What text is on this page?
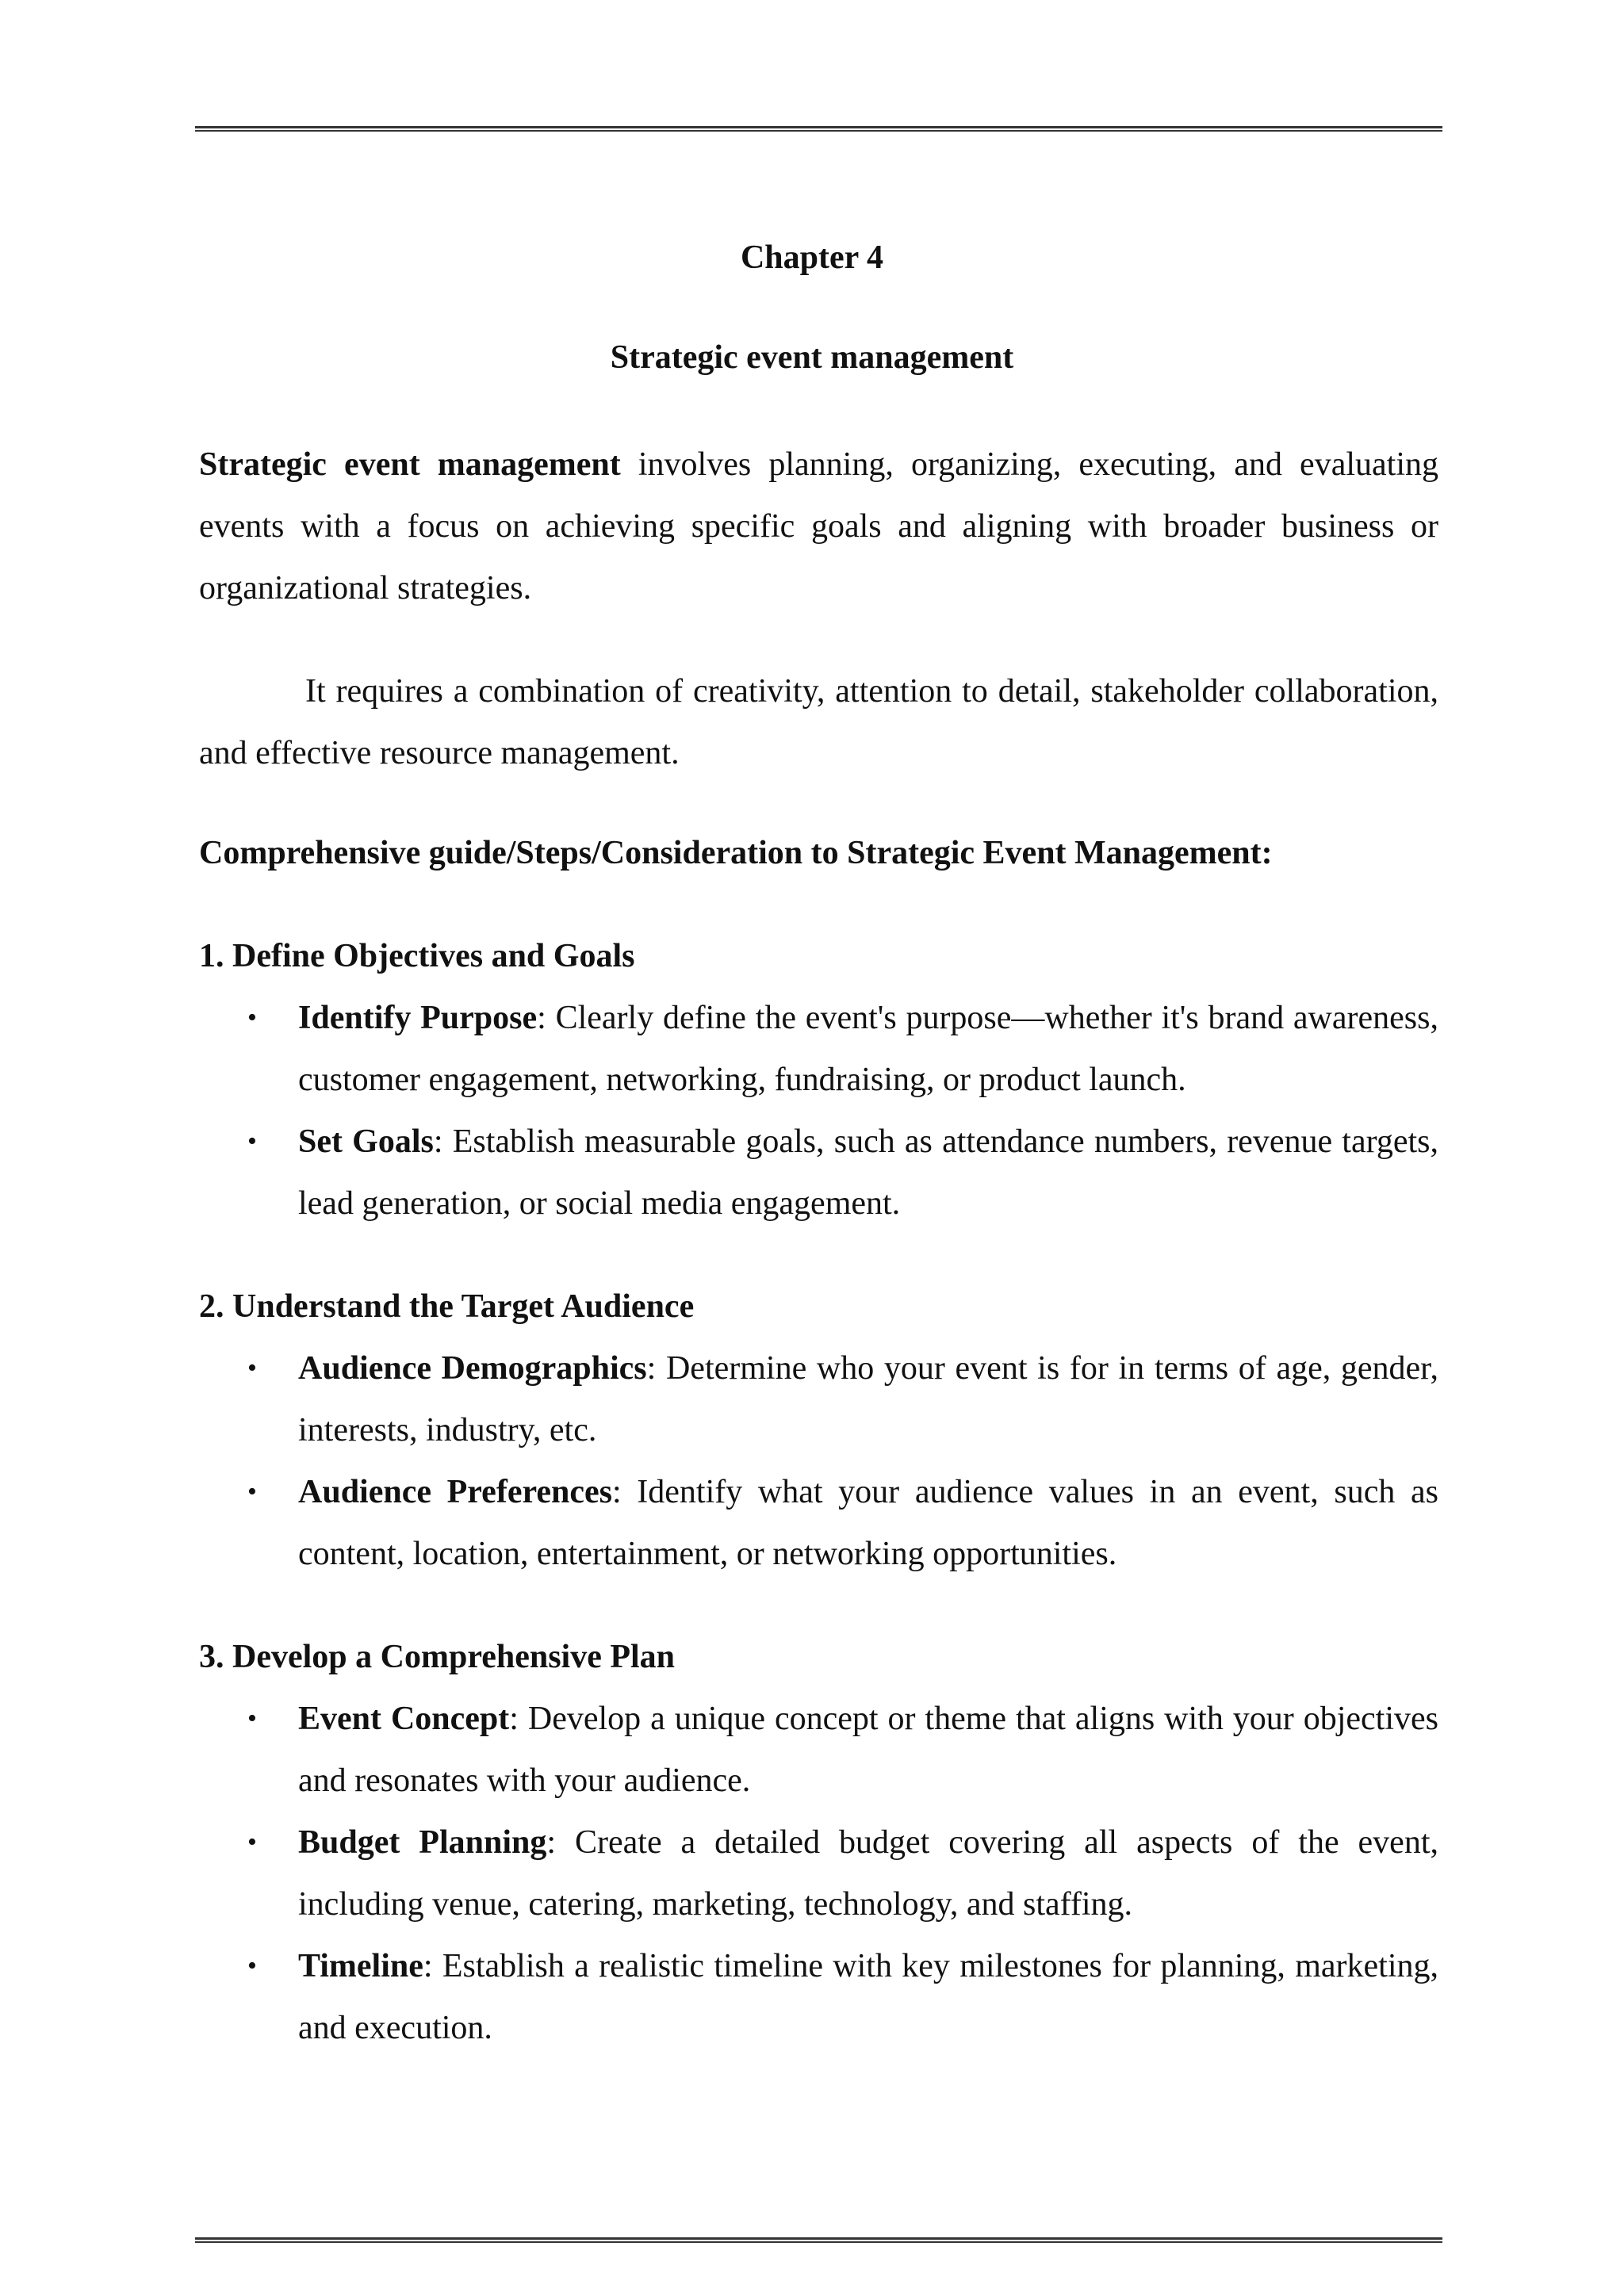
Chapter 4
Strategic event management

Strategic event management involves planning, organizing, executing, and evaluating events with a focus on achieving specific goals and aligning with broader business or organizational strategies.

It requires a combination of creativity, attention to detail, stakeholder collaboration, and effective resource management.

Comprehensive guide/Steps/Consideration to Strategic Event Management:

1. Define Objectives and Goals

• Identify Purpose: Clearly define the event's purpose—whether it's brand awareness, customer engagement, networking, fundraising, or product launch.
• Set Goals: Establish measurable goals, such as attendance numbers, revenue targets, lead generation, or social media engagement.

2. Understand the Target Audience

• Audience Demographics: Determine who your event is for in terms of age, gender, interests, industry, etc.
• Audience Preferences: Identify what your audience values in an event, such as content, location, entertainment, or networking opportunities.

3. Develop a Comprehensive Plan

• Event Concept: Develop a unique concept or theme that aligns with your objectives and resonates with your audience.
• Budget Planning: Create a detailed budget covering all aspects of the event, including venue, catering, marketing, technology, and staffing.
• Timeline: Establish a realistic timeline with key milestones for planning, marketing, and execution.
